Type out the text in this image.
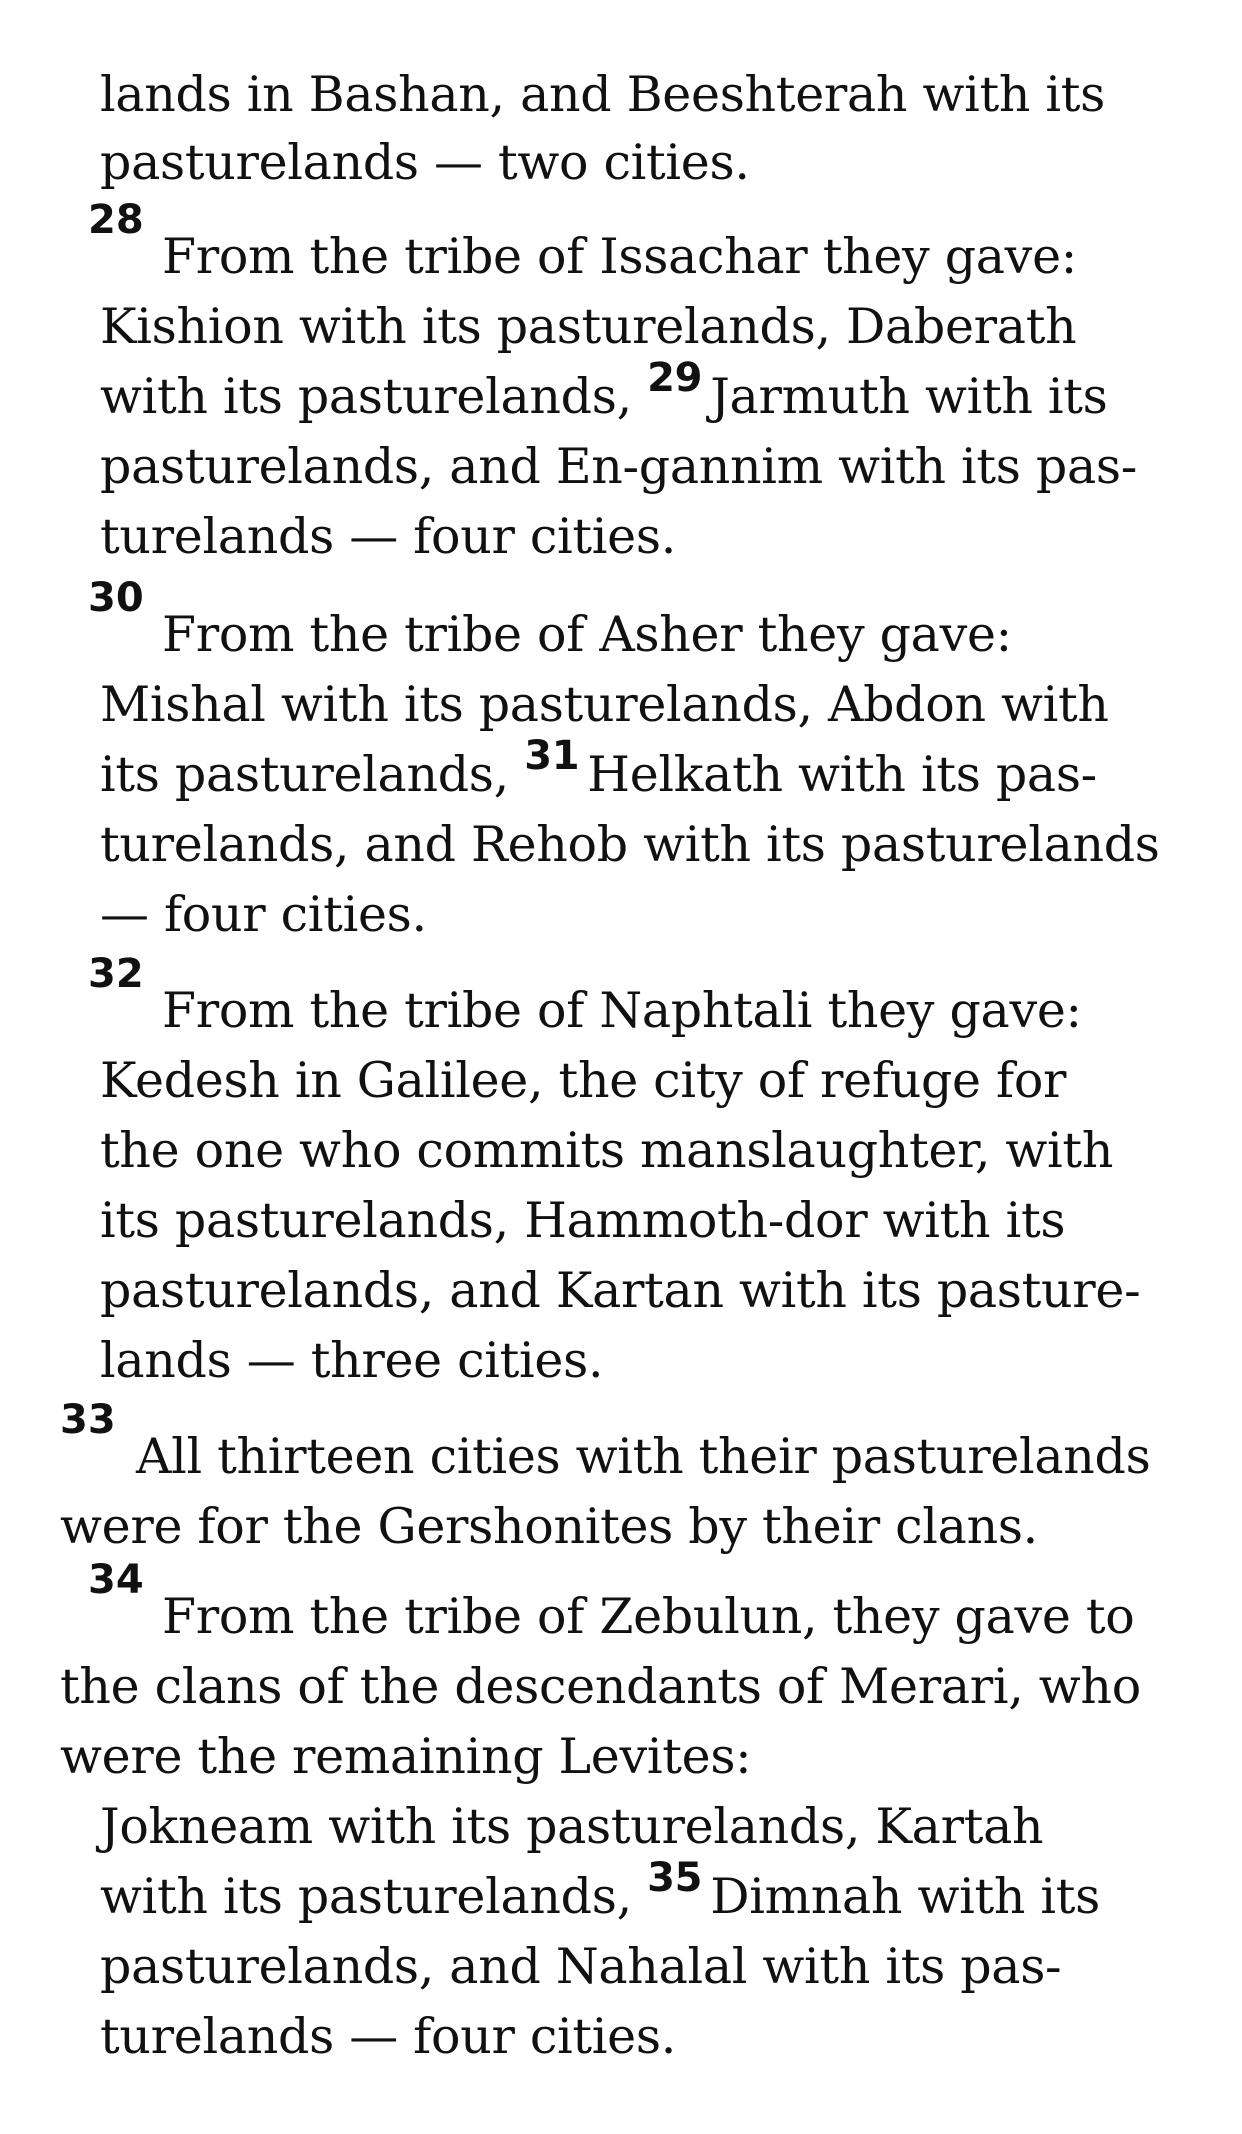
lands in Bashan, and Beeshterah with its
pasturelands — two cities.
28
From the tribe of Issachar they gave:
Kishion with its pasturelands, Daberath
with its pasturelands, $^{29}$ Jarmuth with its
pasturelands, and En-gannim with its pas-
turelands — four cities.
30
From the tribe of Asher they gave:
Mishal with its pasturelands, Abdon with
its pasturelands, $^{31}$ Helkath with its pas-
turelands, and Rehob with its pasturelands
— four cities.
32
From the tribe of Naphtali they gave:
Kedesh in Galilee, the city of refuge for
the one who commits manslaughter, with
its pasturelands, Hammoth-dor with its
pasturelands, and Kartan with its pasture-
lands — three cities.
33
All thirteen cities with their pasturelands
were for the Gershonites by their clans.
34
From the tribe of Zebulun, they gave to
the clans of the descendants of Merari, who
were the remaining Levites:
Jokneam with its pasturelands, Kartah
with its pasturelands, $^{35}$ Dimnah with its
pasturelands, and Nahalal with its pas-
turelands — four cities.
